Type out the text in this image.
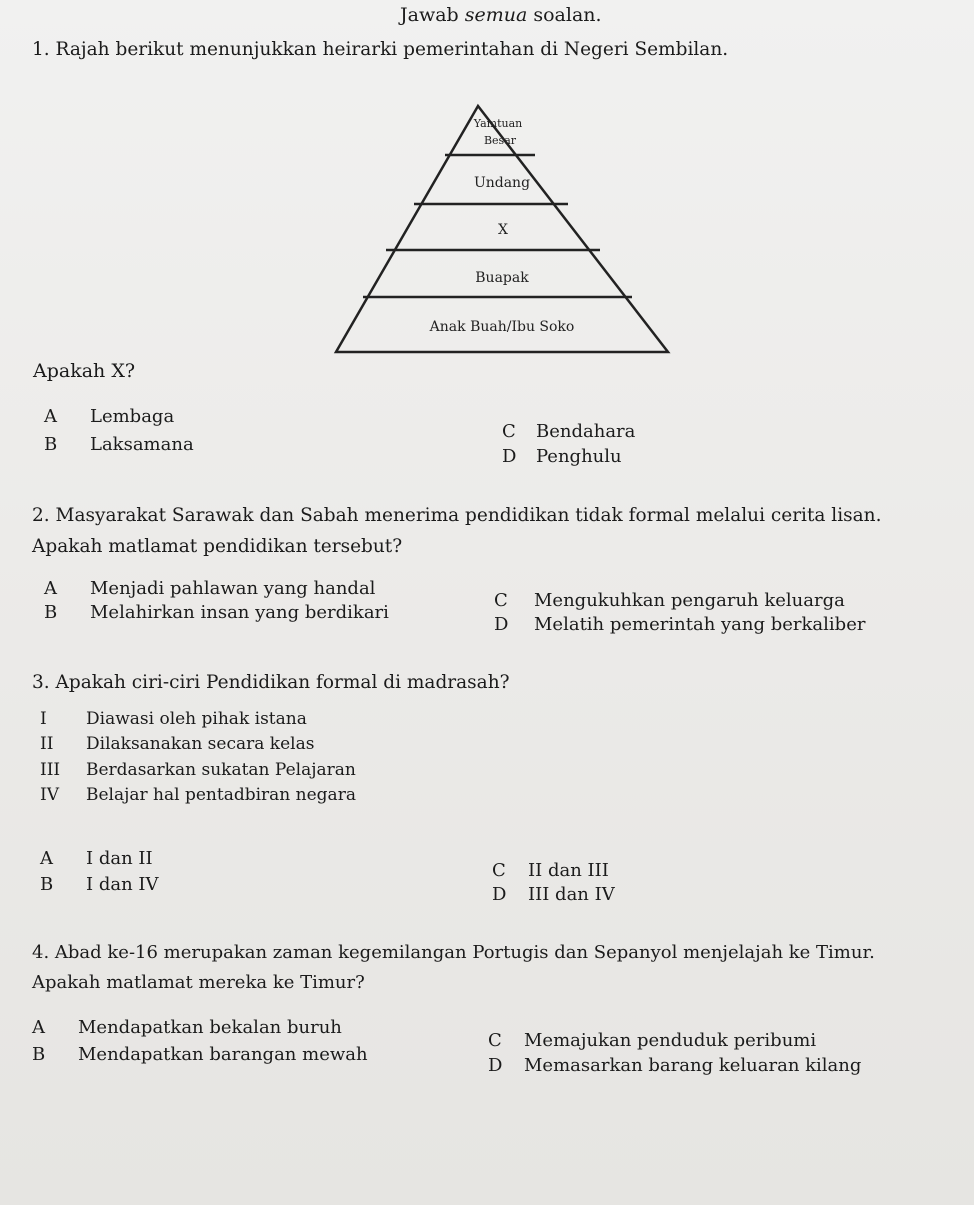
Jawab semua soalan.
1. Rajah berikut menunjukkan heirarki pemerintahan di Negeri Sembilan.
Yamtuan
Besar
Undang
X
Buapak
Anak Buah/Ibu Soko
Apakah X?
A Lembaga
B Laksamana
C Bendahara
D Penghulu
2. Masyarakat Sarawak dan Sabah menerima pendidikan tidak formal melalui cerita lisan.
Apakah matlamat pendidikan tersebut?
A Menjadi pahlawan yang handal
B Melahirkan insan yang berdikari
C Mengukuhkan pengaruh keluarga
D Melatih pemerintah yang berkaliber
3. Apakah ciri-ciri Pendidikan formal di madrasah?
I Diawasi oleh pihak istana
II Dilaksanakan secara kelas
III Berdasarkan sukatan Pelajaran
IV Belajar hal pentadbiran negara
A I dan II
B I dan IV
C II dan III
D III dan IV
4. Abad ke-16 merupakan zaman kegemilangan Portugis dan Sepanyol menjelajah ke Timur.
Apakah matlamat mereka ke Timur?
A Mendapatkan bekalan buruh
B Mendapatkan barangan mewah
C Memajukan penduduk peribumi
D Memasarkan barang keluaran kilang
